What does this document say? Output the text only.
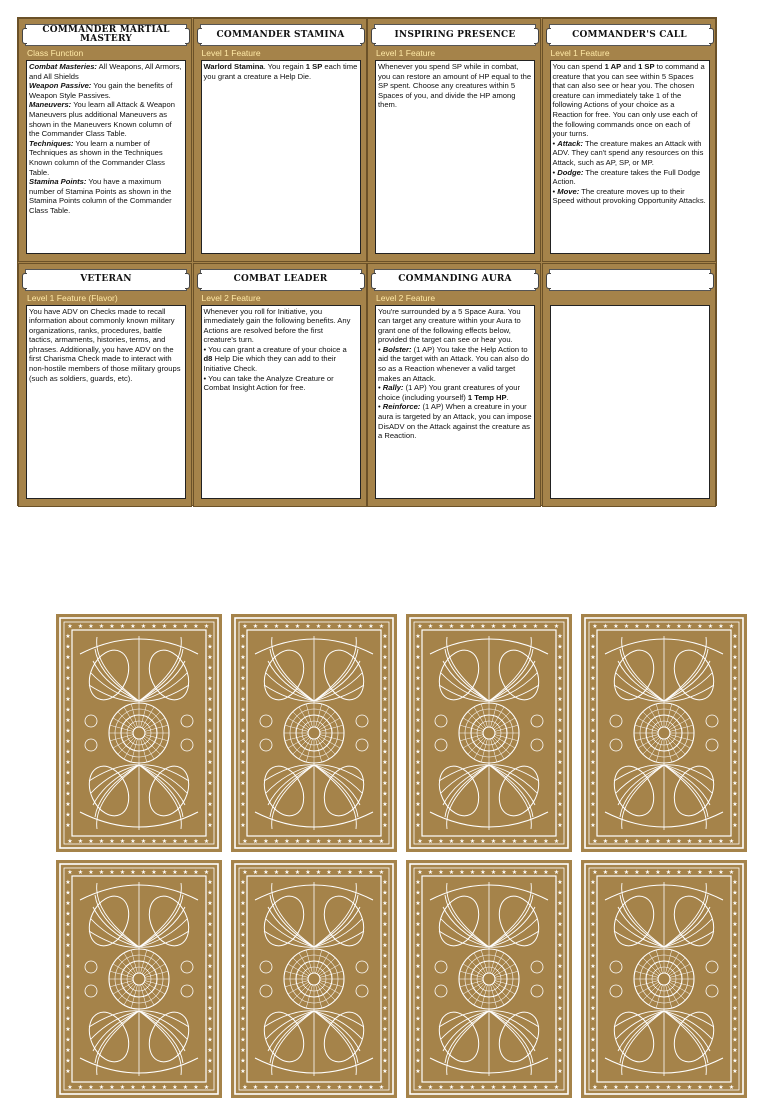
COMMANDER MARTIAL MASTERY
Class Function

Combat Masteries: All Weapons, All Armors, and All Shields

Weapon Passive: You gain the benefits of Weapon Style Passives.

Maneuvers: You learn all Attack & Weapon Maneuvers plus additional Maneuvers as shown in the Maneuvers Known column of the Commander Class Table.

Techniques: You learn a number of Techniques as shown in the Techniques Known column of the Commander Class Table.

Stamina Points: You have a maximum number of Stamina Points as shown in the Stamina Points column of the Commander Class Table.

COMMANDER STAMINA
Level 1 Feature

Warlord Stamina. You regain 1 SP each time you grant a creature a Help Die.

INSPIRING PRESENCE
Level 1 Feature

Whenever you spend SP while in combat, you can restore an amount of HP equal to the SP spent. Choose any creatures within 5 Spaces of you, and divide the HP among them.

COMMANDER'S CALL
Level 1 Feature

You can spend 1 AP and 1 SP to command a creature that you can see within 5 Spaces that can also see or hear you. The chosen creature can immediately take 1 of the following Actions of your choice as a Reaction for free. You can only use each of the following commands once on each of your turns.

• Attack: The creature makes an Attack with ADV. They can't spend any resources on this Attack, such as AP, SP, or MP.

• Dodge: The creature takes the Full Dodge Action.

• Move: The creature moves up to their Speed without provoking Opportunity Attacks.

VETERAN
Level 1 Feature (Flavor)

You have ADV on Checks made to recall information about commonly known military organizations, ranks, procedures, battle tactics, armaments, histories, terms, and phrases. Additionally, you have ADV on the first Charisma Check made to interact with non-hostile members of those military groups (such as soldiers, guards, etc).

COMBAT LEADER
Level 2 Feature

Whenever you roll for Initiative, you immediately gain the following benefits. Any Actions are resolved before the first creature's turn.

• You can grant a creature of your choice a d8 Help Die which they can add to their Initiative Check.

• You can take the Analyze Creature or Combat Insight Action for free.

COMMANDING AURA
Level 2 Feature

You're surrounded by a 5 Space Aura. You can target any creature within your Aura to grant one of the following effects below, provided the target can see or hear you.

• Bolster: (1 AP) You take the Help Action to aid the target with an Attack. You can also do so as a Reaction whenever a valid target makes an Attack.

• Rally: (1 AP) You grant creatures of your choice (including yourself) 1 Temp HP.

• Reinforce: (1 AP) When a creature in your aura is targeted by an Attack, you can impose DisADV on the Attack against the creature as a Reaction.

★
★
★
★
★
★
★
★
★
★
★
★
★
★
★
★
★
★
★
★
★
★
★
★
★
★
★
★
★	★
★	★
★	★
★	★
★	★
★	★
★	★
★	★
★	★
★	★
★	★
★	★
★	★
★	★
★	★
★	★
★	★
★	★
★	★
★
★
★
★
★
★
★
★
★
★
★
★
★
★
★
★
★
★
★
★
★
★
★
★
★
★
★
★
★	★
★	★
★	★
★	★
★	★
★	★
★	★
★	★
★	★
★	★
★	★
★	★
★	★
★	★
★	★
★	★
★	★
★	★
★	★
★
★
★
★
★
★
★
★
★
★
★
★
★
★
★
★
★
★
★
★
★
★
★
★
★
★
★
★
★	★
★	★
★	★
★	★
★	★
★	★
★	★
★	★
★	★
★	★
★	★
★	★
★	★
★	★
★	★
★	★
★	★
★	★
★	★
★
★
★
★
★
★
★
★
★
★
★
★
★
★
★
★
★
★
★
★
★
★
★
★
★
★
★
★
★	★
★	★
★	★
★	★
★	★
★	★
★	★
★	★
★	★
★	★
★	★
★	★
★	★
★	★
★	★
★	★
★	★
★	★
★	★
★
★
★
★
★
★
★
★
★
★
★
★
★
★
★
★
★
★
★
★
★
★
★
★
★
★
★
★
★	★
★	★
★	★
★	★
★	★
★	★
★	★
★	★
★	★
★	★
★	★
★	★
★	★
★	★
★	★
★	★
★	★
★	★
★	★
★
★
★
★
★
★
★
★
★
★
★
★
★
★
★
★
★
★
★
★
★
★
★
★
★
★
★
★
★	★
★	★
★	★
★	★
★	★
★	★
★	★
★	★
★	★
★	★
★	★
★	★
★	★
★	★
★	★
★	★
★	★
★	★
★	★
★
★
★
★
★
★
★
★
★
★
★
★
★
★
★
★
★
★
★
★
★
★
★
★
★
★
★
★
★	★
★	★
★	★
★	★
★	★
★	★
★	★
★	★
★	★
★	★
★	★
★	★
★	★
★	★
★	★
★	★
★	★
★	★
★	★
★
★
★
★
★
★
★
★
★
★
★
★
★
★
★
★
★
★
★
★
★
★
★
★
★
★
★
★
★	★
★	★
★	★
★	★
★	★
★	★
★	★
★	★
★	★
★	★
★	★
★	★
★	★
★	★
★	★
★	★
★	★
★	★
★	★
